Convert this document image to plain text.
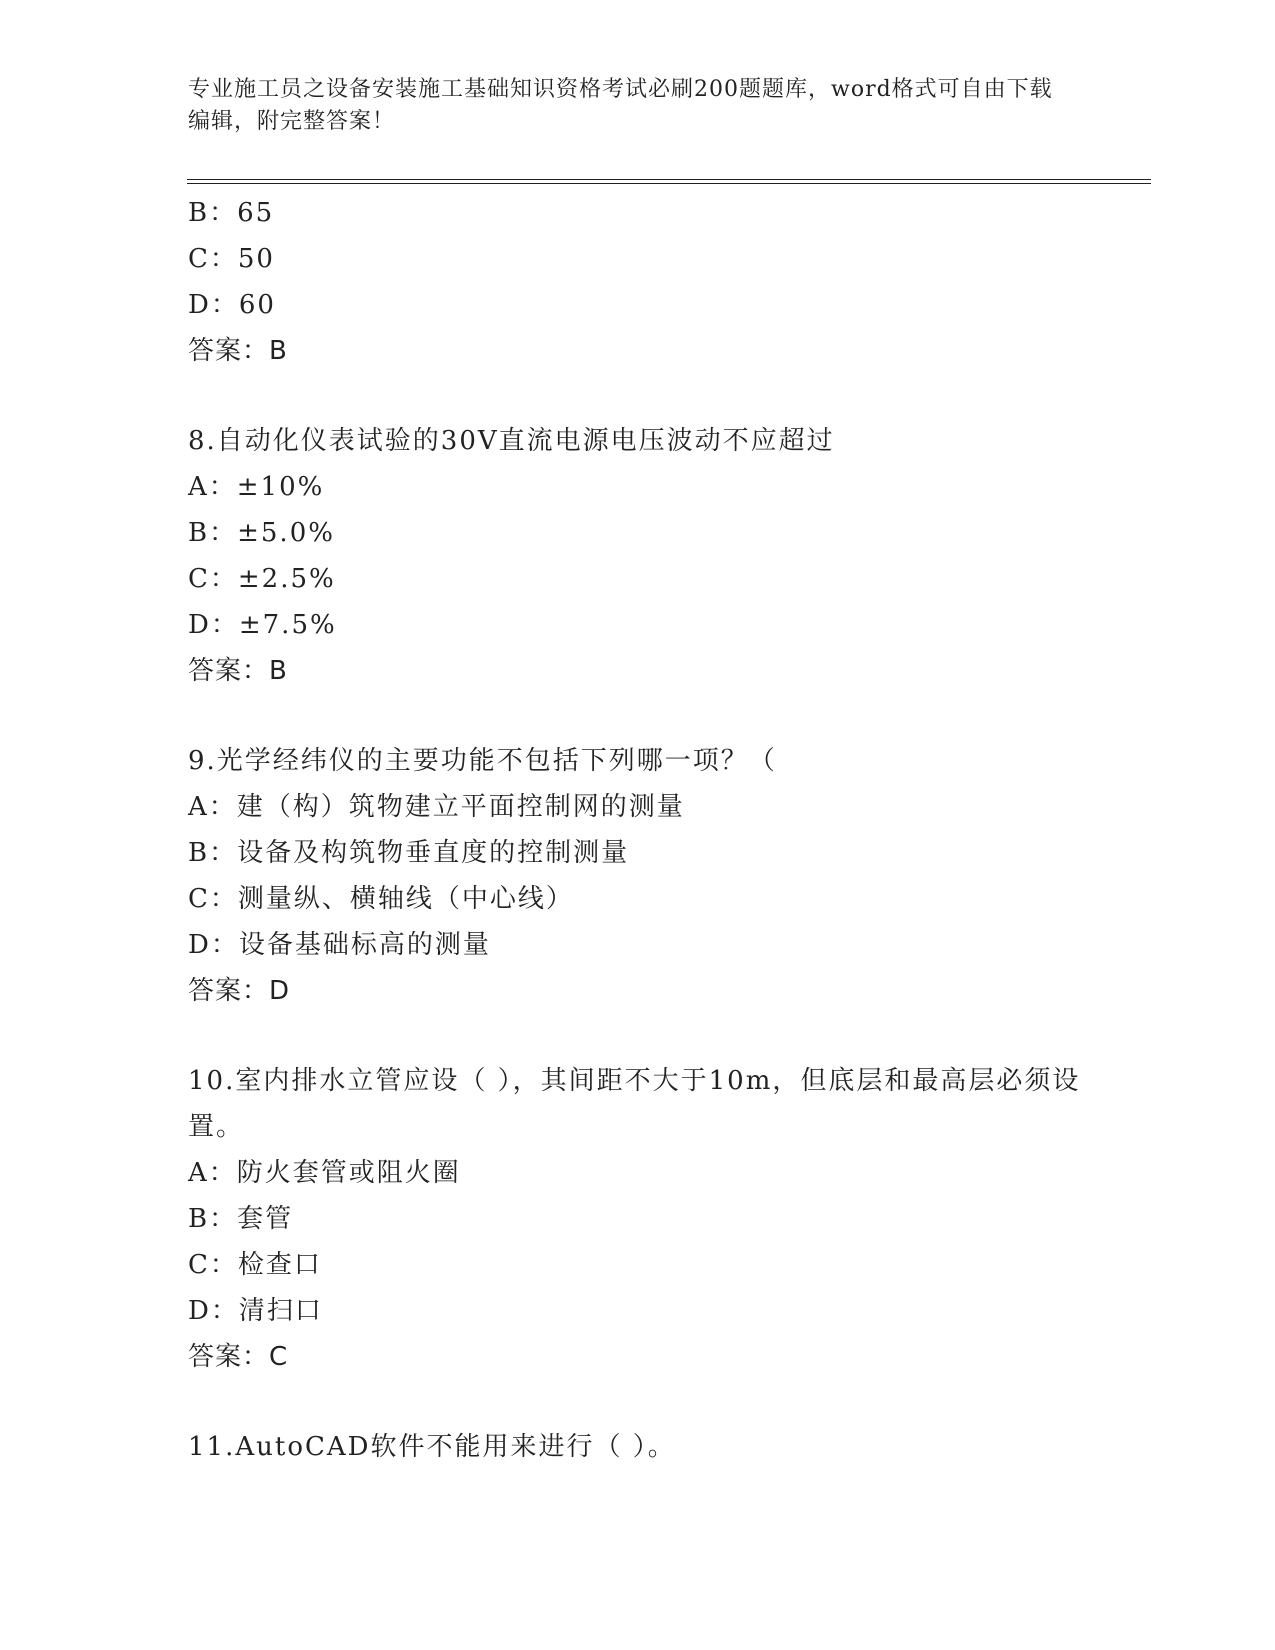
专业施工员之设备安装施工基础知识资格考试必刷200题题库，word格式可自由下载编辑，附完整答案！
B：65
C：50
D：60
答案：B
8.自动化仪表试验的30V直流电源电压波动不应超过
A：±10%
B：±5.0%
C：±2.5%
D：±7.5%
答案：B
9.光学经纬仪的主要功能不包括下列哪一项？（
A：建（构）筑物建立平面控制网的测量
B：设备及构筑物垂直度的控制测量
C：测量纵、横轴线（中心线）
D：设备基础标高的测量
答案：D
10.室内排水立管应设（ ），其间距不大于10m，但底层和最高层必须设置。
A：防火套管或阻火圈
B：套管
C：检查口
D：清扫口
答案：C
11.AutoCAD软件不能用来进行（ ）。
